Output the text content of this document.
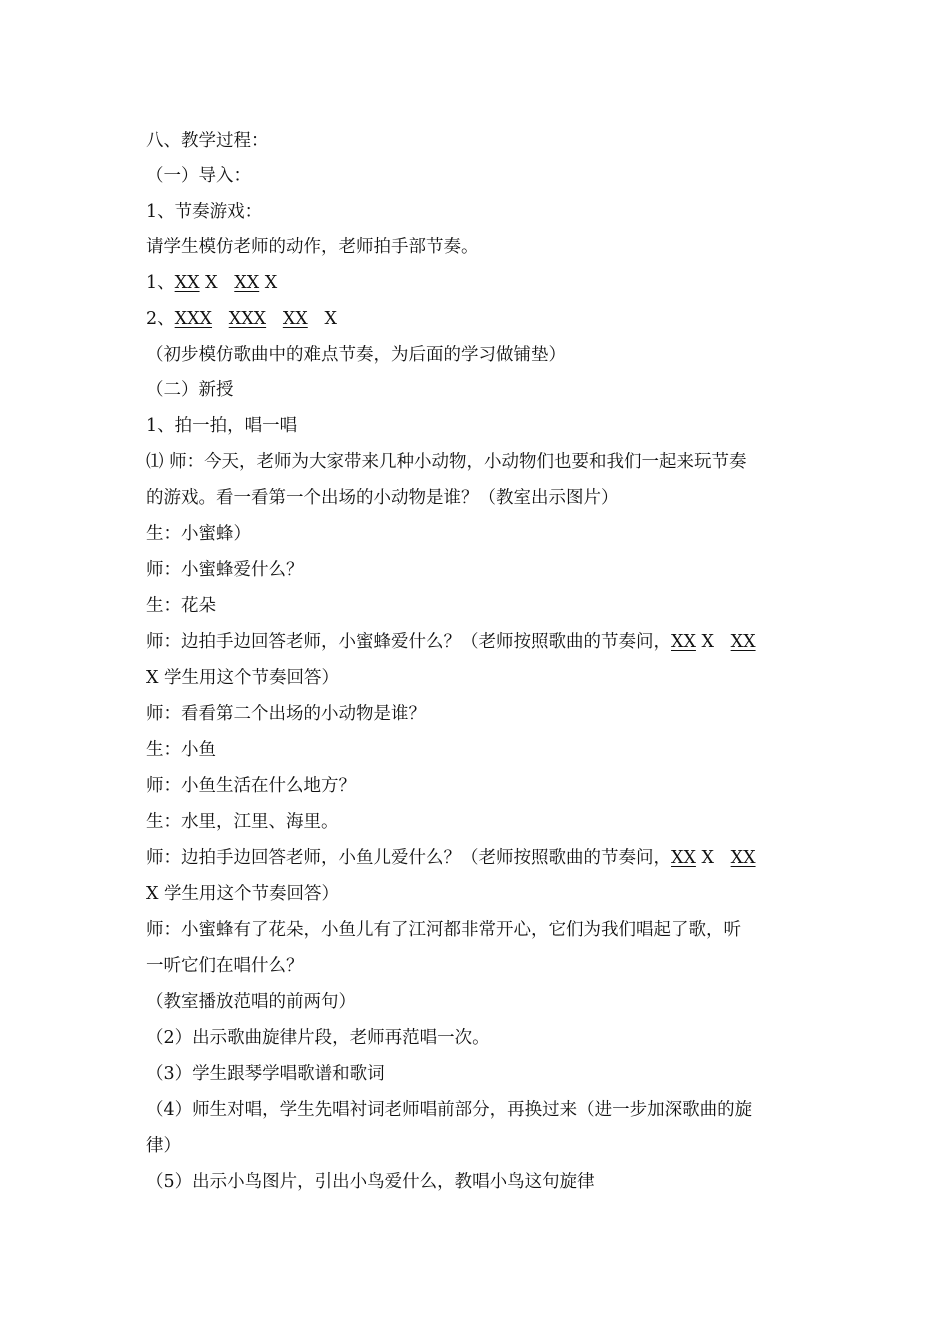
八、教学过程：
（一）导入：
1、节奏游戏：
请学生模仿老师的动作，老师拍手部节奏。
1、XX X   XX X
2、XXX XXX XX   X
（初步模仿歌曲中的难点节奏，为后面的学习做铺垫）
（二）新授
1、拍一拍，唱一唱
⑴ 师：今天，老师为大家带来几种小动物，小动物们也要和我们一起来玩节奏
的游戏。看一看第一个出场的小动物是谁？（教室出示图片）
生：小蜜蜂）
师：小蜜蜂爱什么？
生：花朵
师：边拍手边回答老师，小蜜蜂爱什么？（老师按照歌曲的节奏问，XX X   XX
X 学生用这个节奏回答）
师：看看第二个出场的小动物是谁？
生：小鱼
师：小鱼生活在什么地方？
生：水里，江里、海里。
师：边拍手边回答老师，小鱼儿爱什么？（老师按照歌曲的节奏问，XX X   XX
X 学生用这个节奏回答）
师：小蜜蜂有了花朵，小鱼儿有了江河都非常开心，它们为我们唱起了歌，听
一听它们在唱什么？
（教室播放范唱的前两句）
（2）出示歌曲旋律片段，老师再范唱一次。
（3）学生跟琴学唱歌谱和歌词
（4）师生对唱，学生先唱衬词老师唱前部分，再换过来（进一步加深歌曲的旋
律）
（5）出示小鸟图片，引出小鸟爱什么，教唱小鸟这句旋律
